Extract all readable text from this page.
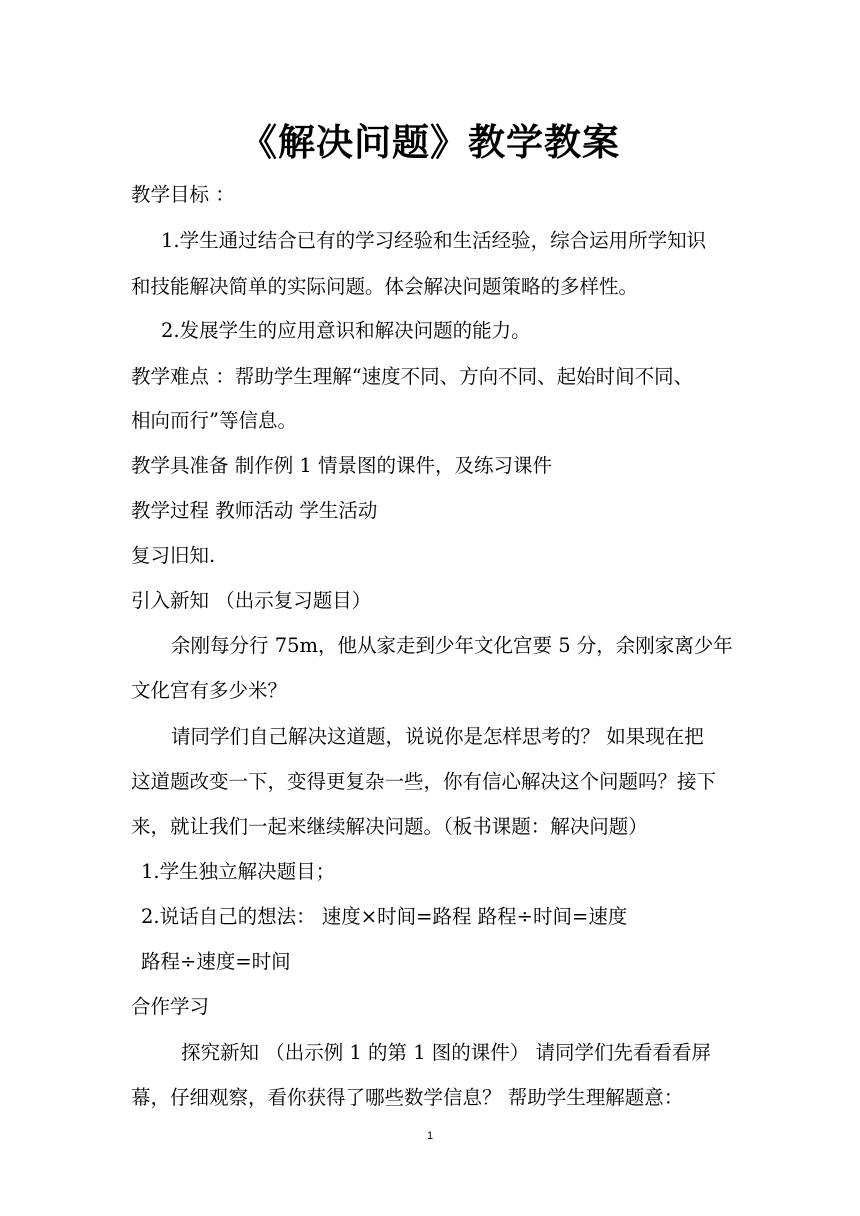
《解决问题》教学教案
教学目标 ：
1.学生通过结合已有的学习经验和生活经验，综合运用所学知识
和技能解决简单的实际问题。体会解决问题策略的多样性。
2.发展学生的应用意识和解决问题的能力。
教学难点 ：帮助学生理解“速度不同、方向不同、起始时间不同、
相向而行”等信息。
教学具准备 制作例 1 情景图的课件，及练习课件
教学过程 教师活动 学生活动
复习旧知.
引入新知 （出示复习题目）
余刚每分行 75m，他从家走到少年文化宫要 5 分，余刚家离少年
文化宫有多少米？
请同学们自己解决这道题，说说你是怎样思考的？ 如果现在把
这道题改变一下，变得更复杂一些，你有信心解决这个问题吗？接下
来，就让我们一起来继续解决问题。（板书课题：解决问题）
1.学生独立解决题目；
2.说话自己的想法： 速度×时间=路程 路程÷时间=速度
路程÷速度=时间
合作学习
探究新知 （出示例 1 的第 1 图的课件） 请同学们先看看看屏
幕，仔细观察，看你获得了哪些数学信息？ 帮助学生理解题意：
1
